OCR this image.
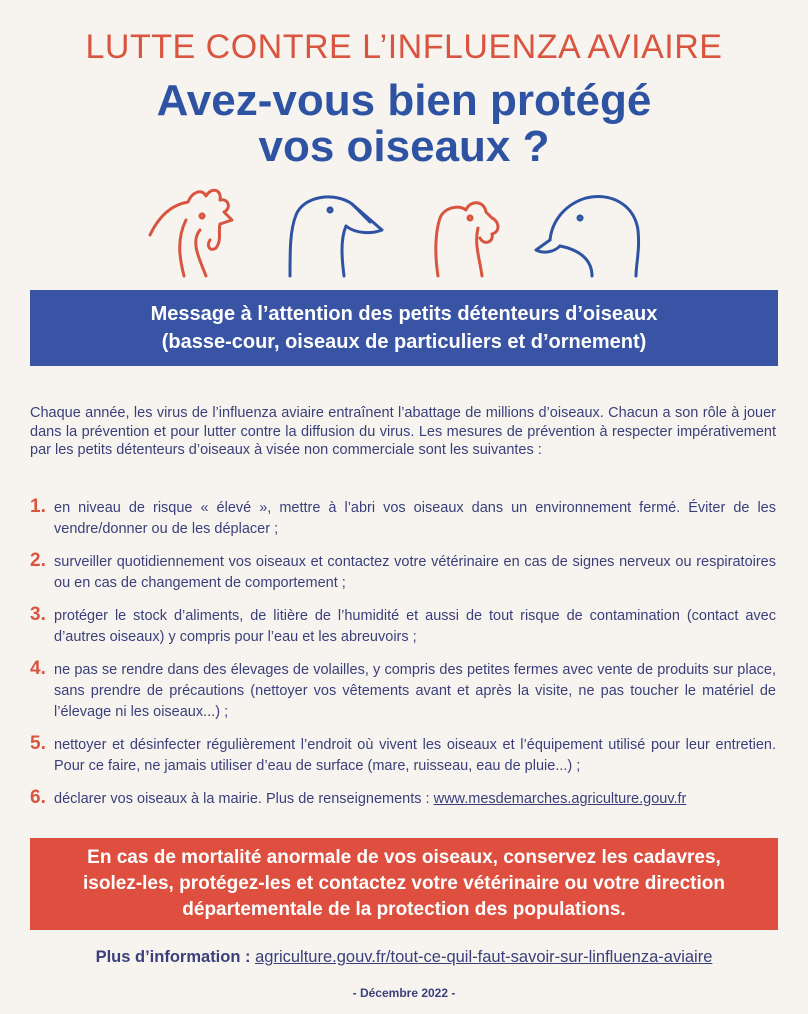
LUTTE CONTRE L’INFLUENZA AVIAIRE
Avez-vous bien protégé
vos oiseaux ?
Message à l’attention des petits détenteurs d’oiseaux
(basse-cour, oiseaux de particuliers et d’ornement)

Chaque année, les virus de l’influenza aviaire entraînent l’abattage de millions d’oiseaux. Chacun a son rôle à jouer dans la prévention et pour lutter contre la diffusion du virus. Les mesures de prévention à respecter impérativement par les petits détenteurs d’oiseaux à visée non commerciale sont les suivantes :

1. en niveau de risque « élevé », mettre à l’abri vos oiseaux dans un environnement fermé. Éviter de les vendre/donner ou de les déplacer ;
2. surveiller quotidiennement vos oiseaux et contactez votre vétérinaire en cas de signes nerveux ou respiratoires ou en cas de changement de comportement ;
3. protéger le stock d’aliments, de litière de l’humidité et aussi de tout risque de contamination (contact avec d’autres oiseaux) y compris pour l’eau et les abreuvoirs ;
4. ne pas se rendre dans des élevages de volailles, y compris des petites fermes avec vente de produits sur place, sans prendre de précautions (nettoyer vos vêtements avant et après la visite, ne pas toucher le matériel de l’élevage ni les oiseaux...) ;
5. nettoyer et désinfecter régulièrement l’endroit où vivent les oiseaux et l’équipement utilisé pour leur entretien. Pour ce faire, ne jamais utiliser d’eau de surface (mare, ruisseau, eau de pluie...) ;
6. déclarer vos oiseaux à la mairie. Plus de renseignements : www.mesdemarches.agriculture.gouv.fr
En cas de mortalité anormale de vos oiseaux, conservez les cadavres,
isolez-les, protégez-les et contactez votre vétérinaire ou votre direction
départementale de la protection des populations.
Plus d’information : agriculture.gouv.fr/tout-ce-quil-faut-savoir-sur-linfluenza-aviaire
- Décembre 2022 -
